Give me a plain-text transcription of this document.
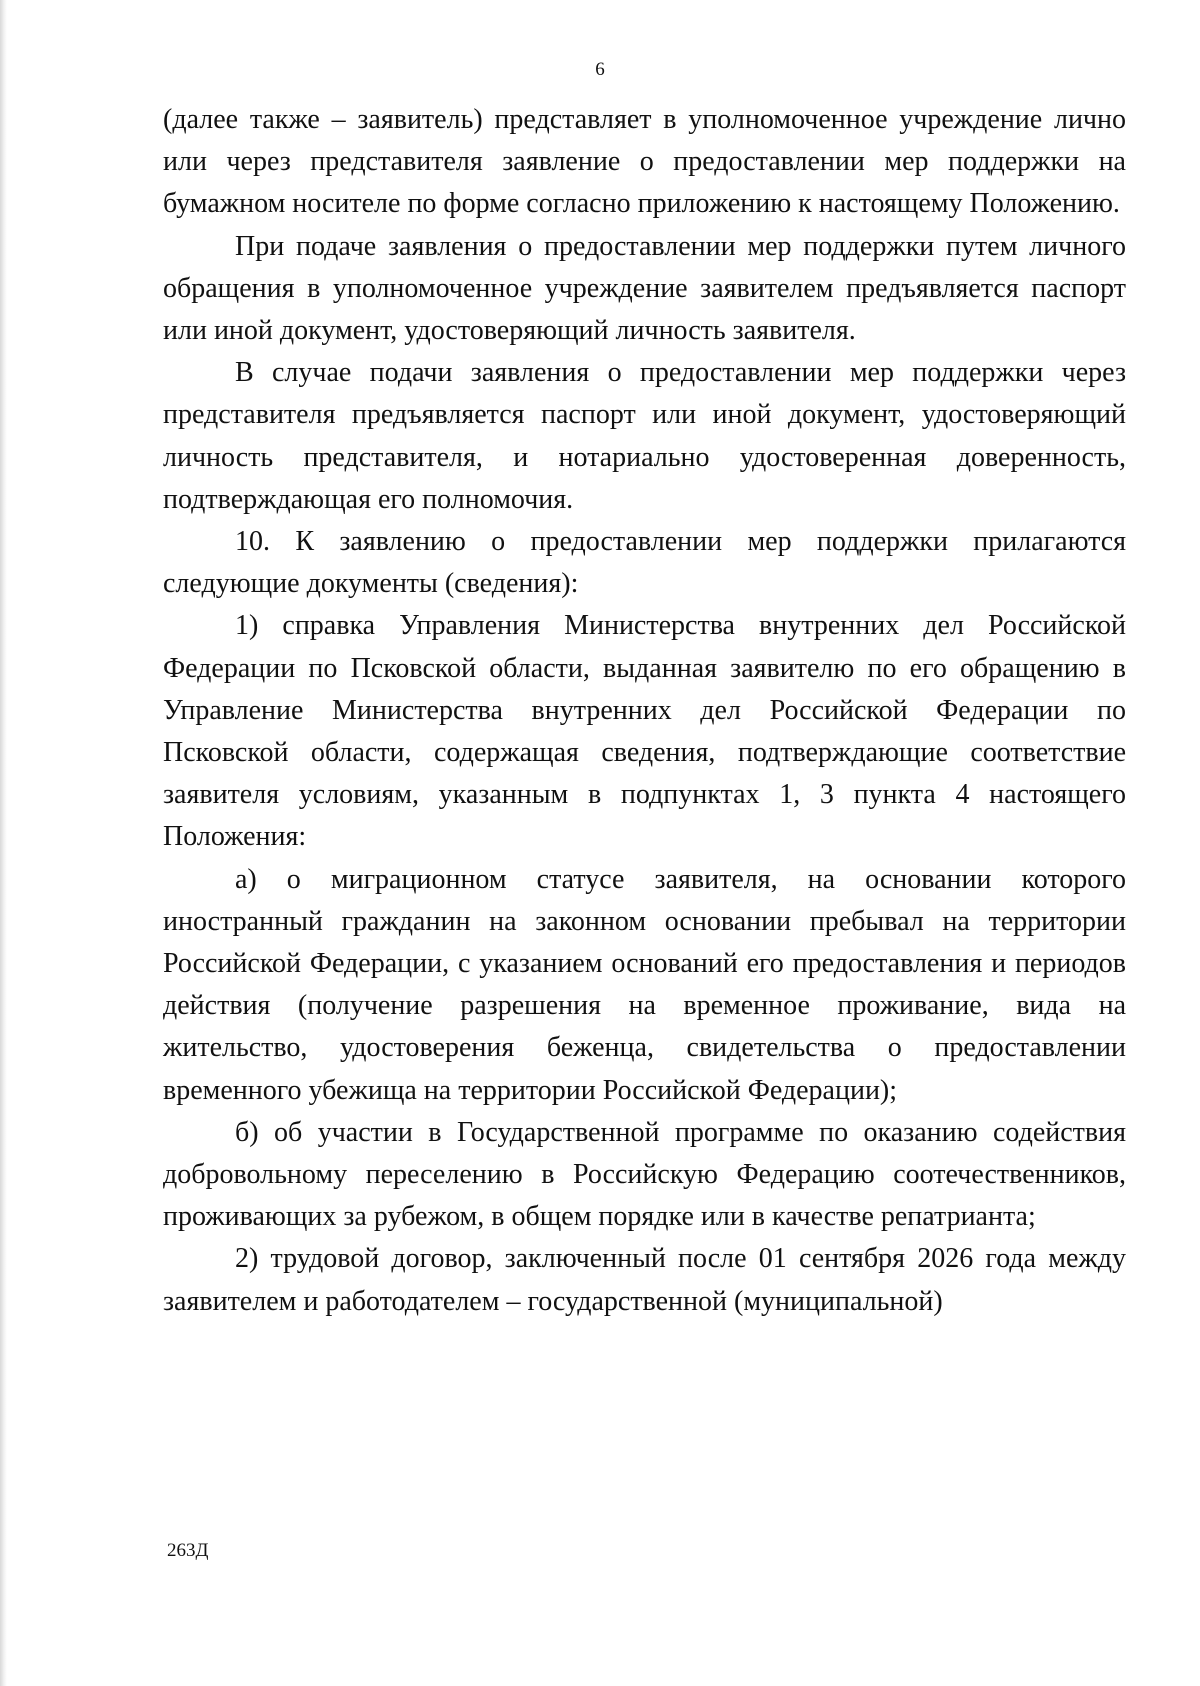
6

(далее также – заявитель) представляет в уполномоченное учреждение лично или через представителя заявление о предоставлении мер поддержки на бумажном носителе по форме согласно приложению к настоящему Положению.

При подаче заявления о предоставлении мер поддержки путем личного обращения в уполномоченное учреждение заявителем предъявляется паспорт или иной документ, удостоверяющий личность заявителя.

В случае подачи заявления о предоставлении мер поддержки через представителя предъявляется паспорт или иной документ, удостоверяющий личность представителя, и нотариально удостоверенная доверенность, подтверждающая его полномочия.

10. К заявлению о предоставлении мер поддержки прилагаются следующие документы (сведения):

1) справка Управления Министерства внутренних дел Российской Федерации по Псковской области, выданная заявителю по его обращению в Управление Министерства внутренних дел Российской Федерации по Псковской области, содержащая сведения, подтверждающие соответствие заявителя условиям, указанным в подпунктах 1, 3 пункта 4 настоящего Положения:

а) о миграционном статусе заявителя, на основании которого иностранный гражданин на законном основании пребывал на территории Российской Федерации, с указанием оснований его предоставления и периодов действия (получение разрешения на временное проживание, вида на жительство, удостоверения беженца, свидетельства о предоставлении временного убежища на территории Российской Федерации);

б) об участии в Государственной программе по оказанию содействия добровольному переселению в Российскую Федерацию соотечественников, проживающих за рубежом, в общем порядке или в качестве репатрианта;

2) трудовой договор, заключенный после 01 сентября 2026 года между заявителем и работодателем – государственной (муниципальной)

263Д
